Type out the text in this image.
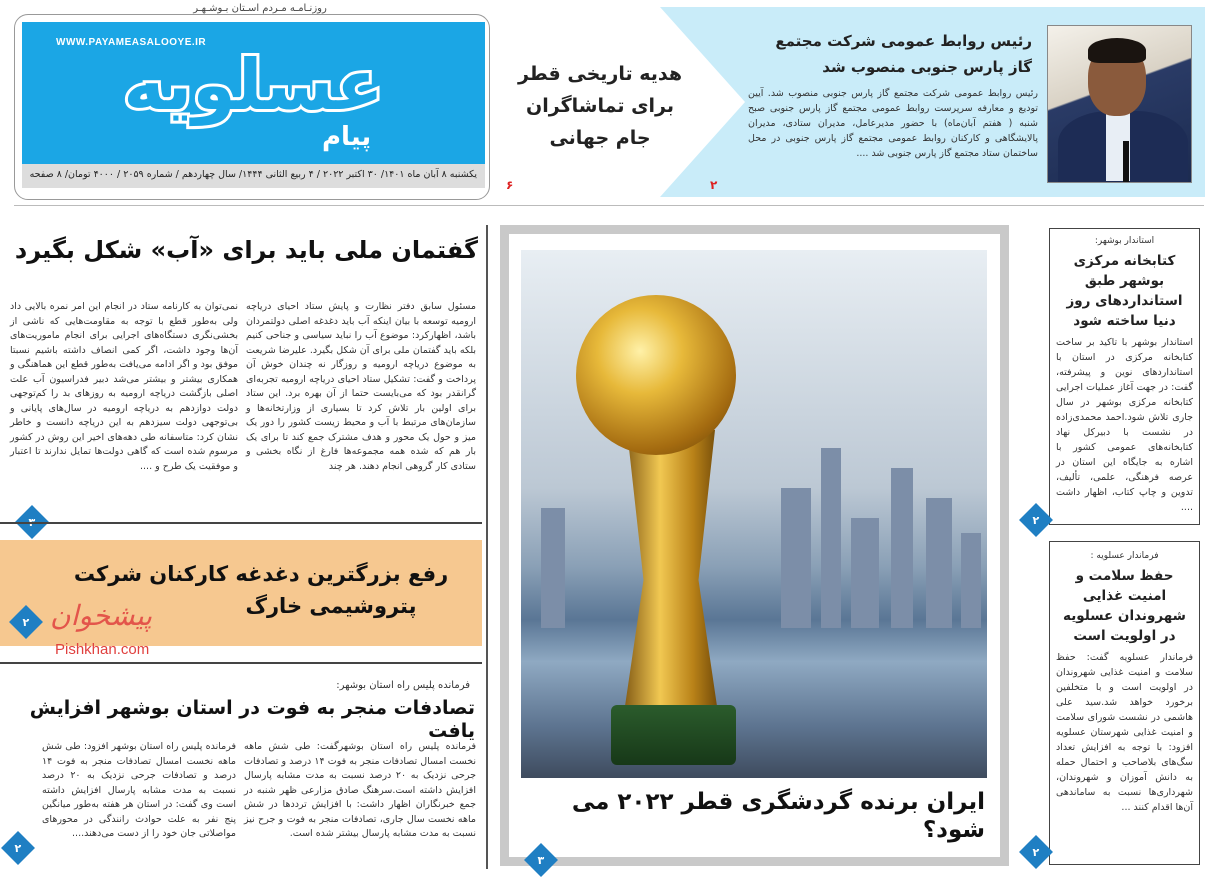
روزنـامـه مـردم اسـتان بـوشـهـر
WWW.PAYAMEASALOOYE.IR
عسلویه
پیام
یکشنبه ۸ آبان ماه ۱۴۰۱/ ۳۰ اکتبر ۲۰۲۲ / ۴ ربیع الثانی ۱۴۴۴/ سال چهاردهم / شماره ۲۰۵۹ / ۴۰۰۰ تومان/ ۸ صفحه
هدیه تاریخی قطر برای تماشاگران جام جهانی
۶
رئیس روابط عمومی شرکت مجتمع گاز پارس جنوبی منصوب شد
رئیس روابط عمومی شرکت مجتمع گاز پارس جنوبی منصوب شد. آیین تودیع و معارفه سرپرست روابط عمومی مجتمع گاز پارس جنوبی صبح شنبه ( هفتم آبان‌ماه) با حضور مدیرعامل، مدیران ستادی، مدیران پالایشگاهی و کارکنان روابط عمومی مجتمع گاز پارس جنوبی در محل ساختمان ستاد مجتمع گاز پارس جنوبی شد ....
۲
گفتمان ملی باید برای «آب» شکل بگیرد
مسئول سابق دفتر نظارت و پایش ستاد احیای دریاچه ارومیه توسعه با بیان اینکه آب باید دغدغه اصلی دولتمردان باشد، اظهارکرد: موضوع آب را نباید سیاسی و جناحی کنیم بلکه باید گفتمان ملی برای آن شکل بگیرد. علیرضا شریعت به موضوع دریاچه ارومیه و روزگار نه چندان خوش آن پرداخت و گفت: تشکیل ستاد احیای دریاچه ارومیه تجربه‌ای گرانقدر بود که می‌بایست حتما از آن بهره برد. این ستاد برای اولین بار تلاش کرد تا بسیاری از وزارتخانه‌ها و سازمان‌های مرتبط با آب و محیط زیست کشور را دور یک میز و حول یک محور و هدف مشترک جمع کند تا برای یک بار هم که شده همه مجموعه‌ها فارغ از نگاه بخشی و ستادی کار گروهی انجام دهند. هر چند
نمی‌توان به کارنامه ستاد در انجام این امر نمره بالایی داد ولی به‌طور قطع با توجه به مقاومت‌هایی که ناشی از بخشی‌نگری دستگاه‌های اجرایی برای انجام ماموریت‌های آن‌ها وجود داشت، اگر کمی انصاف داشته باشیم نسبتا موفق بود و اگر ادامه می‌یافت به‌طور قطع این هماهنگی و همکاری بیشتر و بیشتر می‌شد دبیر فدراسیون آب علت اصلی بازگشت دریاچه ارومیه به روزهای بد را کم‌توجهی دولت دوازدهم به دریاچه ارومیه در سال‌های پایانی و بی‌توجهی دولت سیزدهم به این دریاچه دانست و خاطر نشان کرد: متاسفانه طی دهه‌های اخیر این روش در کشور مرسوم شده است که گاهی دولت‌ها تمایل ندارند تا اعتبار و موفقیت یک طرح و ....
رفع بزرگترین دغدغه کارکنان شرکت
پتروشیمی خارگ
۲ پیشخوان
Pishkhan.com
فرمانده پلیس راه استان بوشهر:
تصادفات منجر به فوت در استان بوشهر افزایش یافت
فرمانده پلیس راه استان بوشهرگفت: طی شش ماهه نخست امسال تصادفات منجر به فوت ۱۴ درصد و تصادفات جرحی نزدیک به ۲۰ درصد نسبت به مدت مشابه پارسال افزایش داشته است.سرهنگ صادق مزارعی ظهر شنبه در جمع خبرنگاران اظهار داشت: با افزایش ترددها در شش ماهه نخست سال جاری، تصادفات منجر به فوت و جرح نیز نسبت به مدت مشابه پارسال بیشتر شده است.
فرمانده پلیس راه استان بوشهر افزود: طی شش ماهه نخست امسال تصادفات منجر به فوت ۱۴ درصد و تصادفات جرحی نزدیک به ۲۰ درصد نسبت به مدت مشابه پارسال افزایش داشته است وی گفت: در استان هر هفته به‌طور میانگین پنج نفر به علت حوادث رانندگی در محورهای مواصلاتی جان خود را از دست می‌دهند....
۲
ایران برنده گردشگری قطر ۲۰۲۲ می شود؟
۳
استاندار بوشهر:
کتابخانه مرکزی بوشهر طبق استانداردهای روز دنیا ساخته شود
استاندار بوشهر با تاکید بر ساخت کتابخانه مرکزی در استان با استانداردهای نوین و پیشرفته، گفت: در جهت آغاز عملیات اجرایی کتابخانه مرکزی بوشهر در سال جاری تلاش شود.احمد محمدی‌زاده در نشست با دبیرکل نهاد کتابخانه‌های عمومی کشور با اشاره به جایگاه این استان در عرصه فرهنگی، علمی، تألیف، تدوین و چاپ کتاب، اظهار داشت ....
۲
فرماندار عسلویه :
حفظ سلامت و امنیت غذایی شهروندان عسلویه در اولویت است
فرماندار عسلویه گفت: حفظ سلامت و امنیت غذایی شهروندان در اولویت است و با متخلفین برخورد خواهد شد.سید علی هاشمی در نشست شورای سلامت و امنیت غذایی شهرستان عسلویه افزود: با توجه به افزایش تعداد سگ‌های بلاصاحب و احتمال حمله به دانش آموزان و شهروندان، شهرداری‌ها نسبت به ساماندهی آن‌ها اقدام کنند ...
۲
